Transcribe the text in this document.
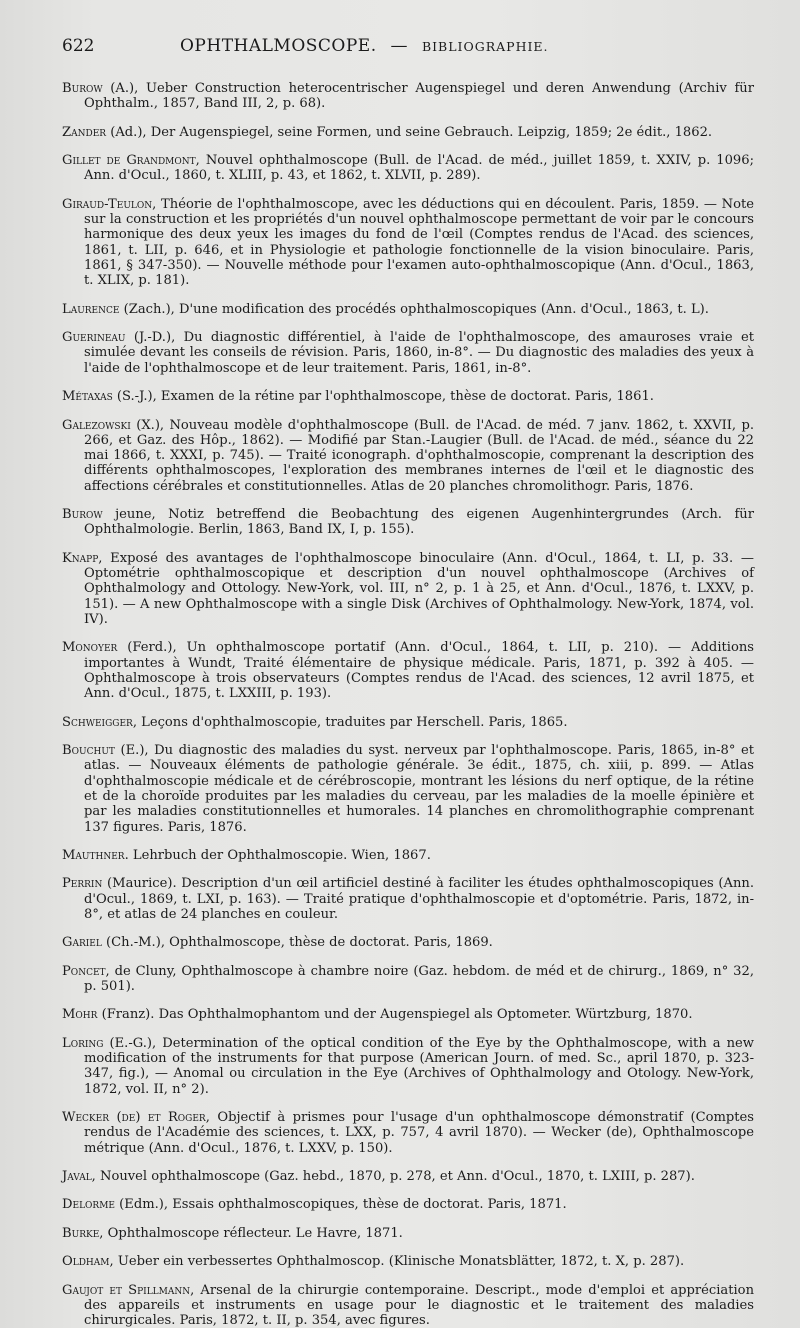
622	OPHTHALMOSCOPE. — BIBLIOGRAPHIE.

Burow (A.), Ueber Construction heterocentrischer Augenspiegel und deren Anwendung (Archiv für Ophthalm., 1857, Band III, 2, p. 68).

Zander (Ad.), Der Augenspiegel, seine Formen, und seine Gebrauch. Leipzig, 1859; 2e édit., 1862.

Gillet de Grandmont, Nouvel ophthalmoscope (Bull. de l'Acad. de méd., juillet 1859, t. XXIV, p. 1096; Ann. d'Ocul., 1860, t. XLIII, p. 43, et 1862, t. XLVII, p. 289).

Giraud-Teulon, Théorie de l'ophthalmoscope, avec les déductions qui en découlent. Paris, 1859. — Note sur la construction et les propriétés d'un nouvel ophthalmoscope permettant de voir par le concours harmonique des deux yeux les images du fond de l'œil (Comptes rendus de l'Acad. des sciences, 1861, t. LII, p. 646, et in Physiologie et pathologie fonctionnelle de la vision binoculaire. Paris, 1861, § 347-350). — Nouvelle méthode pour l'examen auto-ophthalmoscopique (Ann. d'Ocul., 1863, t. XLIX, p. 181).

Laurence (Zach.), D'une modification des procédés ophthalmoscopiques (Ann. d'Ocul., 1863, t. L).

Guerineau (J.-D.), Du diagnostic différentiel, à l'aide de l'ophthalmoscope, des amauroses vraie et simulée devant les conseils de révision. Paris, 1860, in-8°. — Du diagnostic des maladies des yeux à l'aide de l'ophthalmoscope et de leur traitement. Paris, 1861, in-8°.

Métaxas (S.-J.), Examen de la rétine par l'ophthalmoscope, thèse de doctorat. Paris, 1861.

Galezowski (X.), Nouveau modèle d'ophthalmoscope (Bull. de l'Acad. de méd. 7 janv. 1862, t. XXVII, p. 266, et Gaz. des Hôp., 1862). — Modifié par Stan.-Laugier (Bull. de l'Acad. de méd., séance du 22 mai 1866, t. XXXI, p. 745). — Traité iconograph. d'ophthalmoscopie, comprenant la description des différents ophthalmoscopes, l'exploration des membranes internes de l'œil et le diagnostic des affections cérébrales et constitutionnelles. Atlas de 20 planches chromolithogr. Paris, 1876.

Burow jeune, Notiz betreffend die Beobachtung des eigenen Augenhintergrundes (Arch. für Ophthalmologie. Berlin, 1863, Band IX, I, p. 155).

Knapp, Exposé des avantages de l'ophthalmoscope binoculaire (Ann. d'Ocul., 1864, t. LI, p. 33. — Optométrie ophthalmoscopique et description d'un nouvel ophthalmoscope (Archives of Ophthalmology and Ottology. New-York, vol. III, n° 2, p. 1 à 25, et Ann. d'Ocul., 1876, t. LXXV, p. 151). — A new Ophthalmoscope with a single Disk (Archives of Ophthalmology. New-York, 1874, vol. IV).

Monoyer (Ferd.), Un ophthalmoscope portatif (Ann. d'Ocul., 1864, t. LII, p. 210). — Additions importantes à Wundt, Traité élémentaire de physique médicale. Paris, 1871, p. 392 à 405. — Ophthalmoscope à trois observateurs (Comptes rendus de l'Acad. des sciences, 12 avril 1875, et Ann. d'Ocul., 1875, t. LXXIII, p. 193).

Schweigger, Leçons d'ophthalmoscopie, traduites par Herschell. Paris, 1865.

Bouchut (E.), Du diagnostic des maladies du syst. nerveux par l'ophthalmoscope. Paris, 1865, in-8° et atlas. — Nouveaux éléments de pathologie générale. 3e édit., 1875, ch. xiii, p. 899. — Atlas d'ophthalmoscopie médicale et de cérébroscopie, montrant les lésions du nerf optique, de la rétine et de la choroïde produites par les maladies du cerveau, par les maladies de la moelle épinière et par les maladies constitutionnelles et humorales. 14 planches en chromolithographie comprenant 137 figures. Paris, 1876.

Mauthner. Lehrbuch der Ophthalmoscopie. Wien, 1867.

Perrin (Maurice). Description d'un œil artificiel destiné à faciliter les études ophthalmoscopiques (Ann. d'Ocul., 1869, t. LXI, p. 163). — Traité pratique d'ophthalmoscopie et d'optométrie. Paris, 1872, in-8°, et atlas de 24 planches en couleur.

Gariel (Ch.-M.), Ophthalmoscope, thèse de doctorat. Paris, 1869.

Poncet, de Cluny, Ophthalmoscope à chambre noire (Gaz. hebdom. de méd et de chirurg., 1869, n° 32, p. 501).

Mohr (Franz). Das Ophthalmophantom und der Augenspiegel als Optometer. Würtzburg, 1870.

Loring (E.-G.), Determination of the optical condition of the Eye by the Ophthalmoscope, with a new modification of the instruments for that purpose (American Journ. of med. Sc., april 1870, p. 323-347, fig.), — Anomal ou circulation in the Eye (Archives of Ophthalmology and Otology. New-York, 1872, vol. II, n° 2).

Wecker (de) et Roger, Objectif à prismes pour l'usage d'un ophthalmoscope démonstratif (Comptes rendus de l'Académie des sciences, t. LXX, p. 757, 4 avril 1870). — Wecker (de), Ophthalmoscope métrique (Ann. d'Ocul., 1876, t. LXXV, p. 150).

Javal, Nouvel ophthalmoscope (Gaz. hebd., 1870, p. 278, et Ann. d'Ocul., 1870, t. LXIII, p. 287).

Delorme (Edm.), Essais ophthalmoscopiques, thèse de doctorat. Paris, 1871.

Burke, Ophthalmoscope réflecteur. Le Havre, 1871.

Oldham, Ueber ein verbessertes Ophthalmoscop. (Klinische Monatsblätter, 1872, t. X, p. 287).

Gaujot et Spillmann, Arsenal de la chirurgie contemporaine. Descript., mode d'emploi et appréciation des appareils et instruments en usage pour le diagnostic et le traitement des maladies chirurgicales. Paris, 1872, t. II, p. 354, avec figures.
